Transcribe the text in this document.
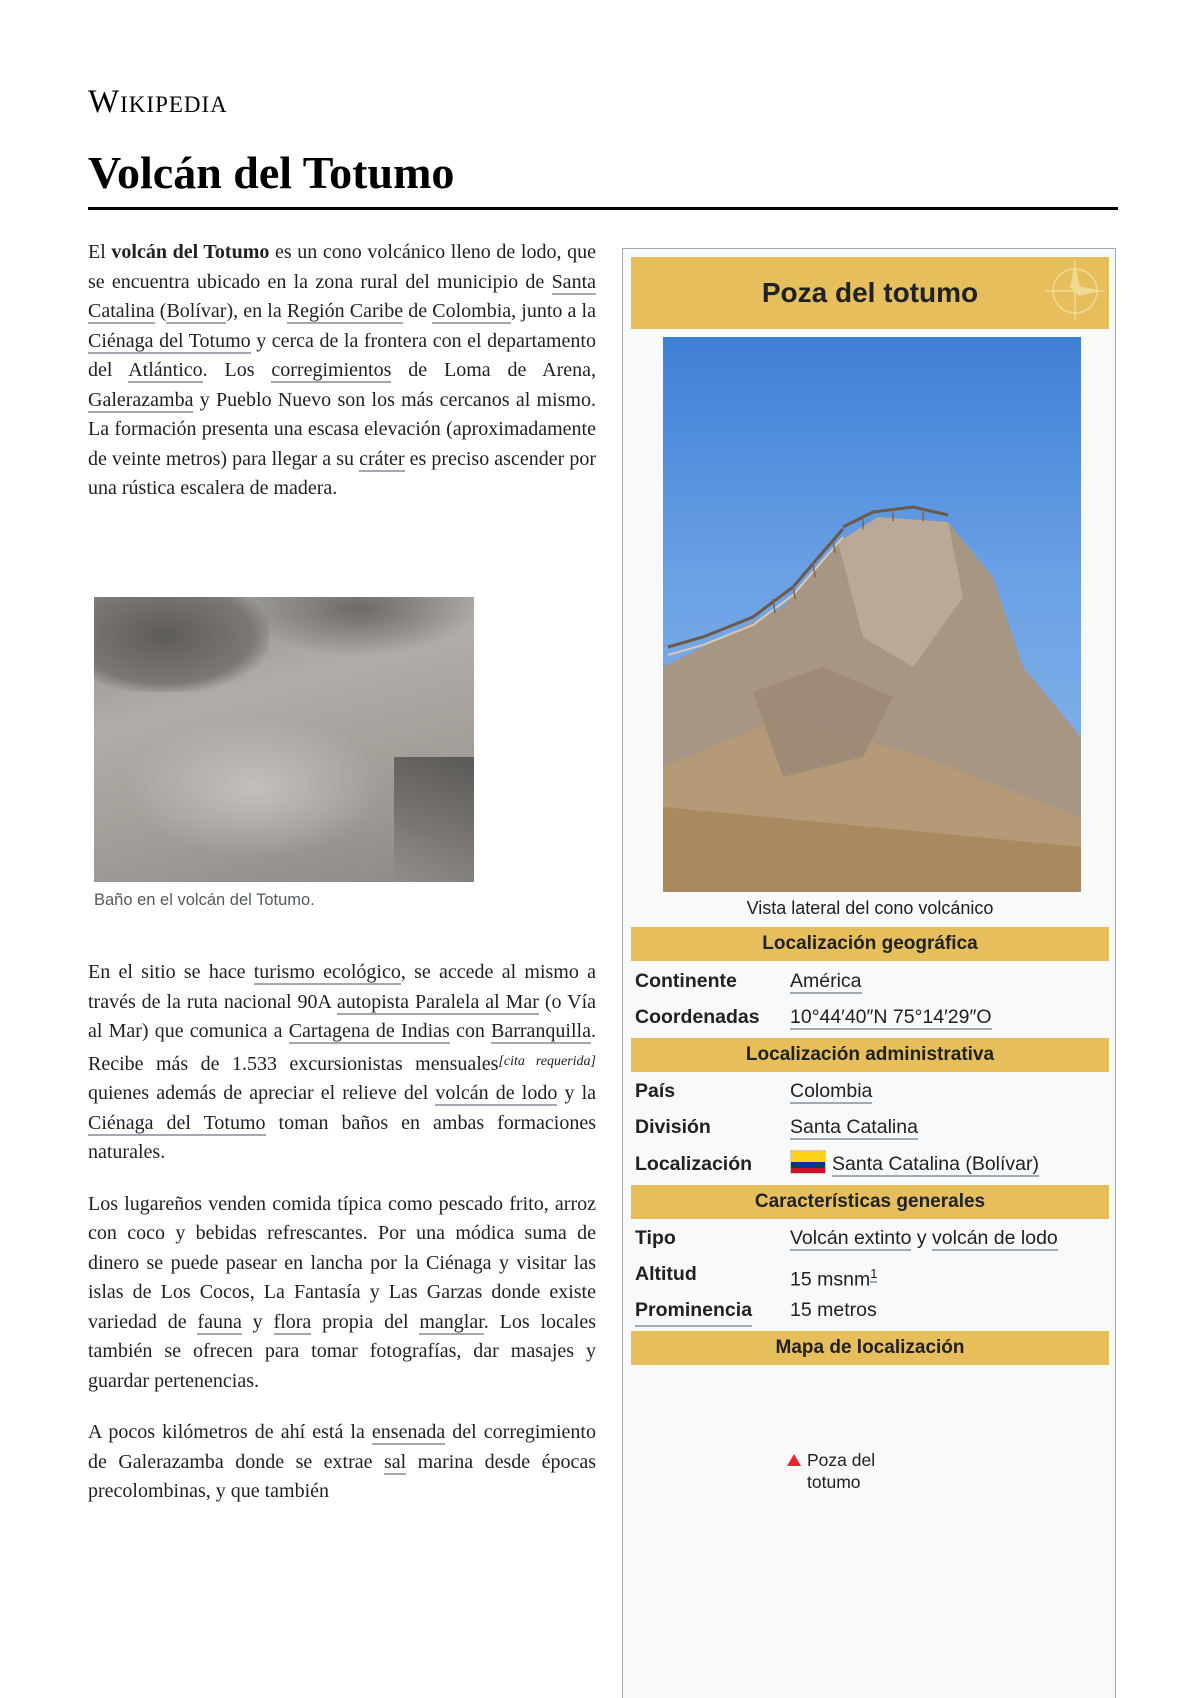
Wikipedia
Volcán del Totumo

El volcán del Totumo es un cono volcánico lleno de lodo, que se encuentra ubicado en la zona rural del municipio de Santa Catalina (Bolívar), en la Región Caribe de Colombia, junto a la Ciénaga del Totumo y cerca de la frontera con el departamento del Atlántico. Los corregimientos de Loma de Arena, Galerazamba y Pueblo Nuevo son los más cercanos al mismo. La formación presenta una escasa elevación (aproximadamente de veinte metros) para llegar a su cráter es preciso ascender por una rústica escalera de madera.

Baño en el volcán del Totumo.

En el sitio se hace turismo ecológico, se accede al mismo a través de la ruta nacional 90A autopista Paralela al Mar (o Vía al Mar) que comunica a Cartagena de Indias con Barranquilla. Recibe más de 1.533 excursionistas mensuales[cita requerida] quienes además de apreciar el relieve del volcán de lodo y la Ciénaga del Totumo toman baños en ambas formaciones naturales.

Los lugareños venden comida típica como pescado frito, arroz con coco y bebidas refrescantes. Por una módica suma de dinero se puede pasear en lancha por la Ciénaga y visitar las islas de Los Cocos, La Fantasía y Las Garzas donde existe variedad de fauna y flora propia del manglar. Los locales también se ofrecen para tomar fotografías, dar masajes y guardar pertenencias.

A pocos kilómetros de ahí está la ensenada del corregimiento de Galerazamba donde se extrae sal marina desde épocas precolombinas, y que también

Poza del totumo
Vista lateral del cono volcánico
Localización geográfica
Continente	América
Coordenadas 10°44′40″N 75°14′29″O
Localización administrativa
País	Colombia
División	Santa Catalina
Localización	Santa Catalina (Bolívar)
Características generales
Tipo	Volcán extinto y volcán de lodo
Altitud	15 msnm$^1$
Prominencia 15 metros
Mapa de localización
Poza del
totumo
